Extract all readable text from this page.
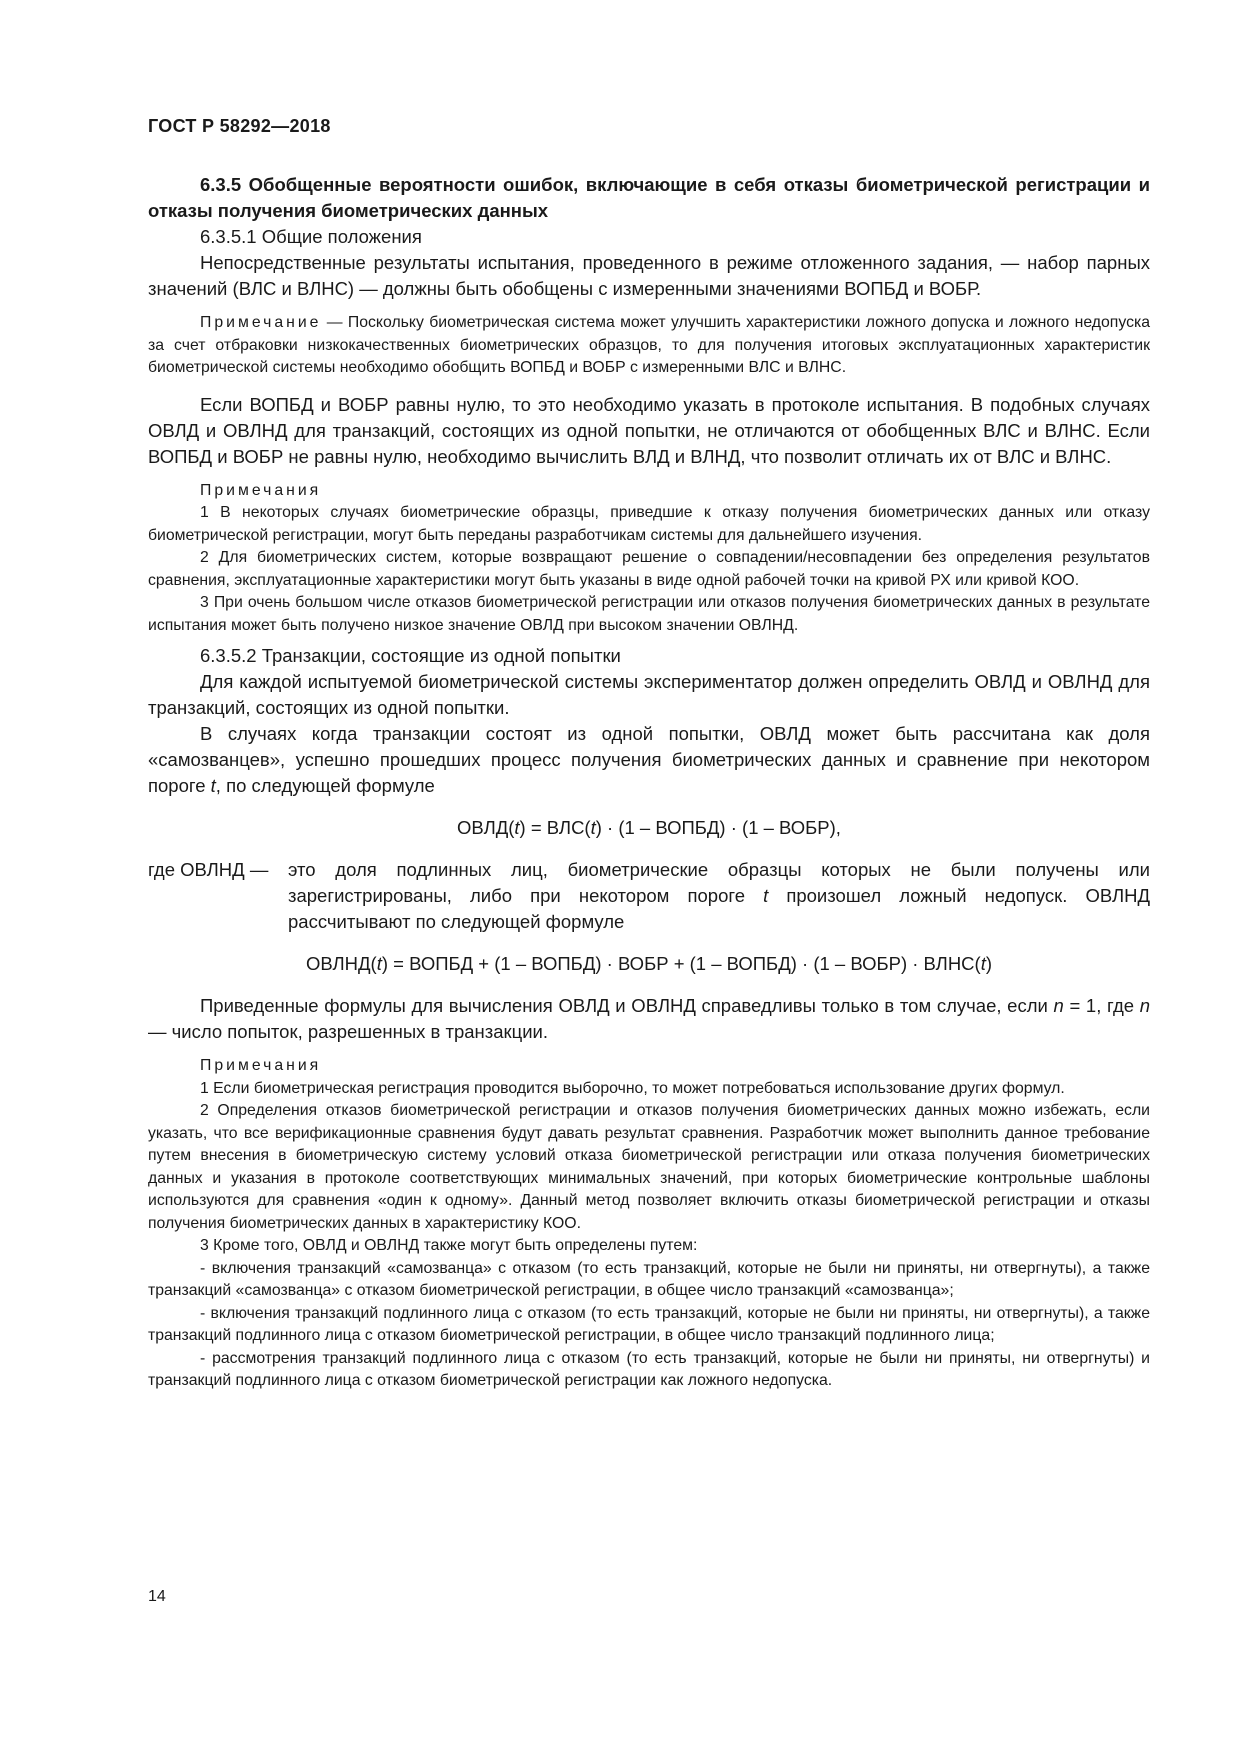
ГОСТ Р 58292—2018

6.3.5 Обобщенные вероятности ошибок, включающие в себя отказы биометрической регистрации и отказы получения биометрических данных

6.3.5.1 Общие положения

Непосредственные результаты испытания, проведенного в режиме отложенного задания, — набор парных значений (ВЛС и ВЛНС) — должны быть обобщены с измеренными значениями ВОПБД и ВОБР.

Примечание — Поскольку биометрическая система может улучшить характеристики ложного допуска и ложного недопуска за счет отбраковки низкокачественных биометрических образцов, то для получения итоговых эксплуатационных характеристик биометрической системы необходимо обобщить ВОПБД и ВОБР с измеренными ВЛС и ВЛНС.

Если ВОПБД и ВОБР равны нулю, то это необходимо указать в протоколе испытания. В подобных случаях ОВЛД и ОВЛНД для транзакций, состоящих из одной попытки, не отличаются от обобщенных ВЛС и ВЛНС. Если ВОПБД и ВОБР не равны нулю, необходимо вычислить ВЛД и ВЛНД, что позволит отличать их от ВЛС и ВЛНС.

Примечания

1 В некоторых случаях биометрические образцы, приведшие к отказу получения биометрических данных или отказу биометрической регистрации, могут быть переданы разработчикам системы для дальнейшего изучения.

2 Для биометрических систем, которые возвращают решение о совпадении/несовпадении без определения результатов сравнения, эксплуатационные характеристики могут быть указаны в виде одной рабочей точки на кривой РХ или кривой КОО.

3 При очень большом числе отказов биометрической регистрации или отказов получения биометрических данных в результате испытания может быть получено низкое значение ОВЛД при высоком значении ОВЛНД.

6.3.5.2 Транзакции, состоящие из одной попытки

Для каждой испытуемой биометрической системы экспериментатор должен определить ОВЛД и ОВЛНД для транзакций, состоящих из одной попытки.

В случаях когда транзакции состоят из одной попытки, ОВЛД может быть рассчитана как доля «самозванцев», успешно прошедших процесс получения биометрических данных и сравнение при некотором пороге t, по следующей формуле

ОВЛД(t) = ВЛС(t) · (1 – ВОПБД) · (1 – ВОБР),

где ОВЛНД —	это доля подлинных лиц, биометрические образцы которых не были получены или зарегистрированы, либо при некотором пороге t произошел ложный недопуск. ОВЛНД рассчитывают по следующей формуле

ОВЛНД(t) = ВОПБД + (1 – ВОПБД) · ВОБР + (1 – ВОПБД) · (1 – ВОБР) · ВЛНС(t)

Приведенные формулы для вычисления ОВЛД и ОВЛНД справедливы только в том случае, если n = 1, где n — число попыток, разрешенных в транзакции.

Примечания

1 Если биометрическая регистрация проводится выборочно, то может потребоваться использование других формул.

2 Определения отказов биометрической регистрации и отказов получения биометрических данных можно избежать, если указать, что все верификационные сравнения будут давать результат сравнения. Разработчик может выполнить данное требование путем внесения в биометрическую систему условий отказа биометрической регистрации или отказа получения биометрических данных и указания в протоколе соответствующих минимальных значений, при которых биометрические контрольные шаблоны используются для сравнения «один к одному». Данный метод позволяет включить отказы биометрической регистрации и отказы получения биометрических данных в характеристику КОО.

3 Кроме того, ОВЛД и ОВЛНД также могут быть определены путем:

- включения транзакций «самозванца» с отказом (то есть транзакций, которые не были ни приняты, ни отвергнуты), а также транзакций «самозванца» с отказом биометрической регистрации, в общее число транзакций «самозванца»;

- включения транзакций подлинного лица с отказом (то есть транзакций, которые не были ни приняты, ни отвергнуты), а также транзакций подлинного лица с отказом биометрической регистрации, в общее число транзакций подлинного лица;

- рассмотрения транзакций подлинного лица с отказом (то есть транзакций, которые не были ни приняты, ни отвергнуты) и транзакций подлинного лица с отказом биометрической регистрации как ложного недопуска.

14
